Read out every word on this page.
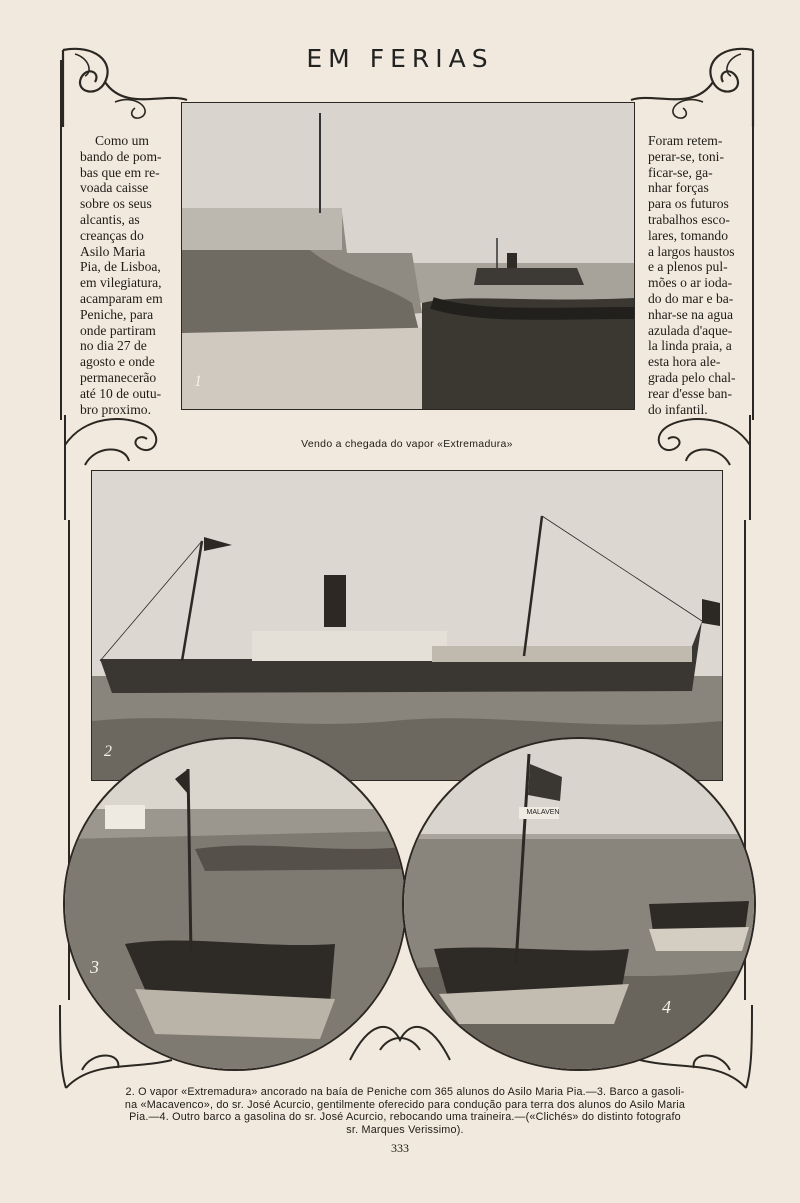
EM FERIAS
Como um
bando de pom-
bas que em re-
voada caisse
sobre os seus
alcantis, as
creanças do
Asilo Maria
Pia, de Lisboa,
em vilegiatura,
acamparam em
Peniche, para
onde partiram
no dia 27 de
agosto e onde
permanecerão
até 10 de outu-
bro proximo.
Foram retem-
perar-se, toni-
ficar-se, ga-
nhar forças
para os futuros
trabalhos esco-
lares, tomando
a largos haustos
e a plenos pul-
mões o ar ioda-
do do mar e ba-
nhar-se na agua
azulada d'aque-
la linda praia, a
esta hora ale-
grada pelo chal-
rear d'esse ban-
do infantil.
1
Vendo a chegada do vapor «Extremadura»
2
3
MALAVEN
4
2. O vapor «Extremadura» ancorado na baía de Peniche com 365 alunos do Asilo Maria Pia.—3. Barco a gasoli-
na «Macavenco», do sr. José Acurcio, gentilmente oferecido para condução para terra dos alunos do Asilo Maria
Pia.—4. Outro barco a gasolina do sr. José Acurcio, rebocando uma traineira.—(«Clichés» do distinto fotografo
sr. Marques Verissimo).
333
